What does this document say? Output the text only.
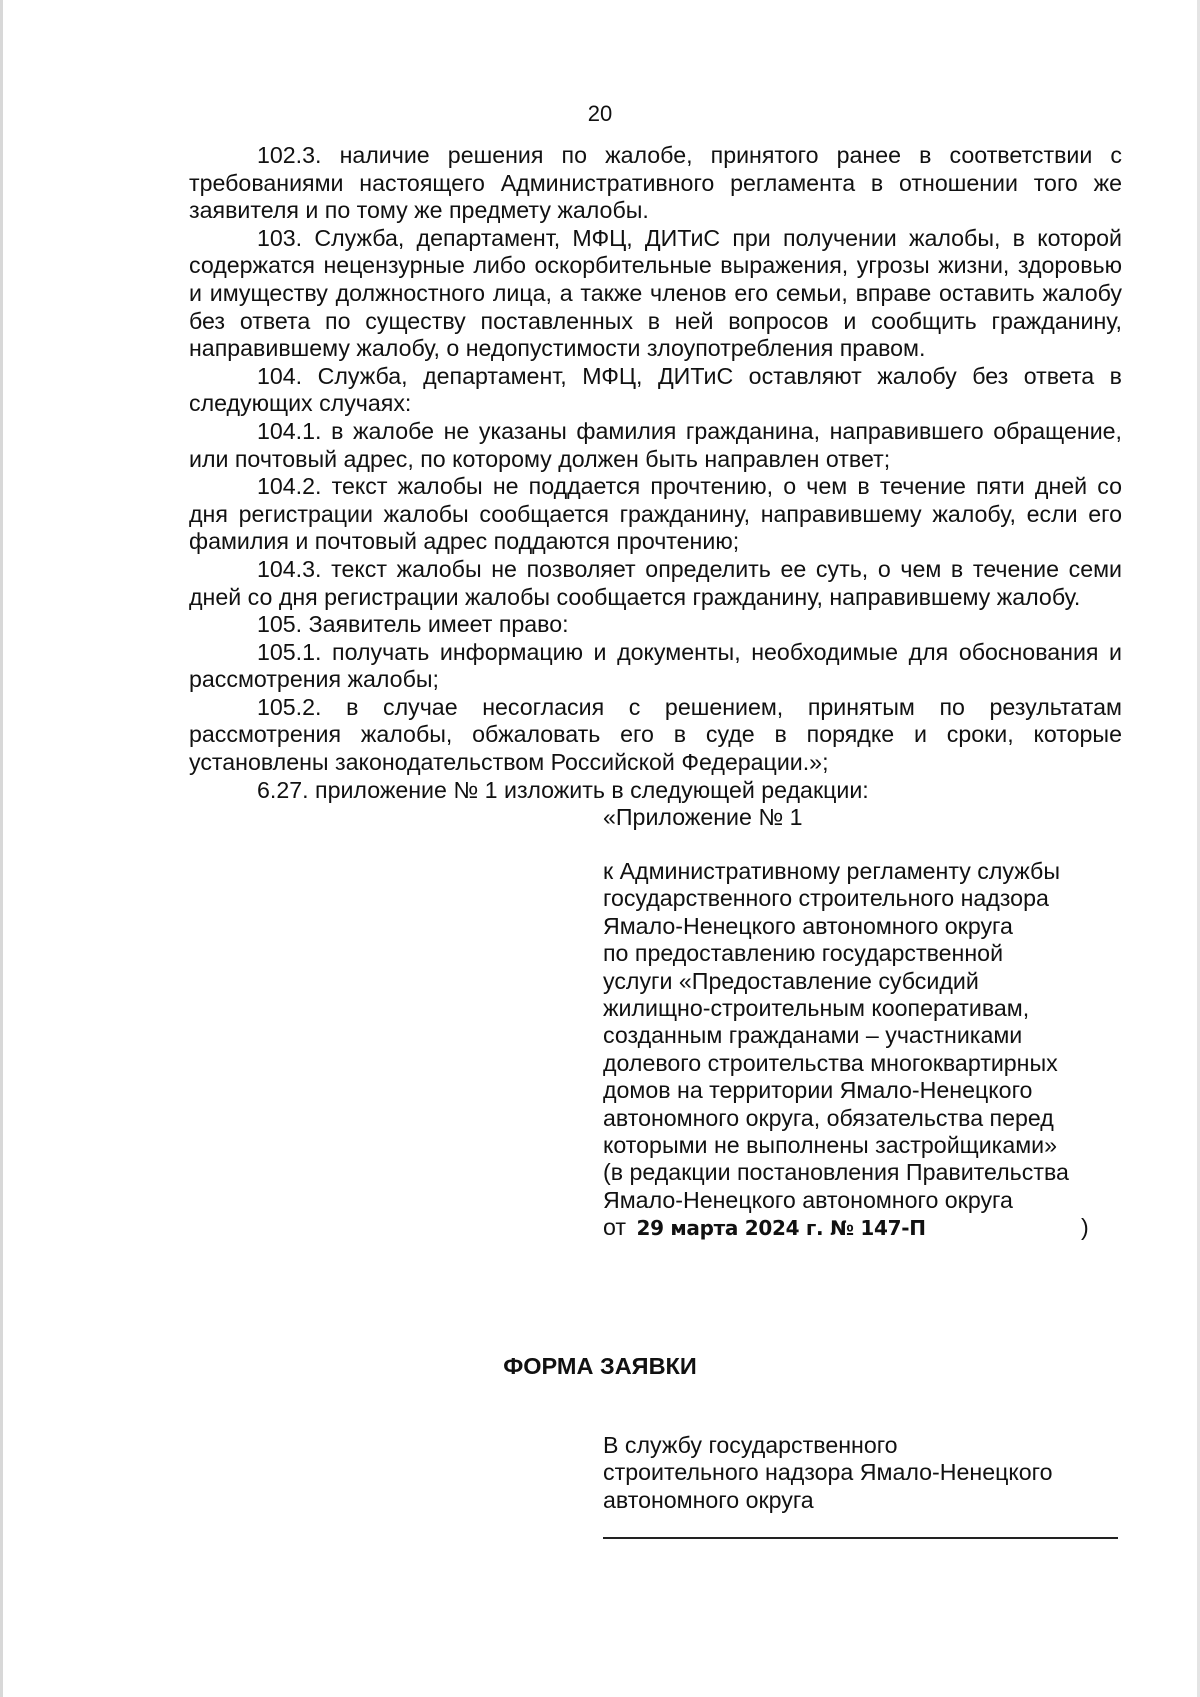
20

102.3. наличие решения по жалобе, принятого ранее в соответствии с требованиями настоящего Административного регламента в отношении того же заявителя и по тому же предмету жалобы.

103. Служба, департамент, МФЦ, ДИТиС при получении жалобы, в которой содержатся нецензурные либо оскорбительные выражения, угрозы жизни, здоровью и имуществу должностного лица, а также членов его семьи, вправе оставить жалобу без ответа по существу поставленных в ней вопросов и сообщить гражданину, направившему жалобу, о недопустимости злоупотребления правом.

104. Служба, департамент, МФЦ, ДИТиС оставляют жалобу без ответа в следующих случаях:

104.1. в жалобе не указаны фамилия гражданина, направившего обращение, или почтовый адрес, по которому должен быть направлен ответ;

104.2. текст жалобы не поддается прочтению, о чем в течение пяти дней со дня регистрации жалобы сообщается гражданину, направившему жалобу, если его фамилия и почтовый адрес поддаются прочтению;

104.3. текст жалобы не позволяет определить ее суть, о чем в течение семи дней со дня регистрации жалобы сообщается гражданину, направившему жалобу.

105. Заявитель имеет право:

105.1. получать информацию и документы, необходимые для обоснования и рассмотрения жалобы;

105.2. в случае несогласия с решением, принятым по результатам рассмотрения жалобы, обжаловать его в суде в порядке и сроки, которые установлены законодательством Российской Федерации.»;

6.27. приложение № 1 изложить в следующей редакции:

«Приложение № 1

к Административному регламенту службы
государственного строительного надзора
Ямало-Ненецкого автономного округа
по предоставлению государственной
услуги «Предоставление субсидий
жилищно-строительным кооперативам,
созданным гражданами – участниками
долевого строительства многоквартирных
домов на территории Ямало-Ненецкого
автономного округа, обязательства перед
которыми не выполнены застройщиками»
(в редакции постановления Правительства
Ямало-Ненецкого автономного округа
от 29 марта 2024 г. № 147-П	)
ФОРМА ЗАЯВКИ
В службу государственного
строительного надзора Ямало-Ненецкого
автономного округа
